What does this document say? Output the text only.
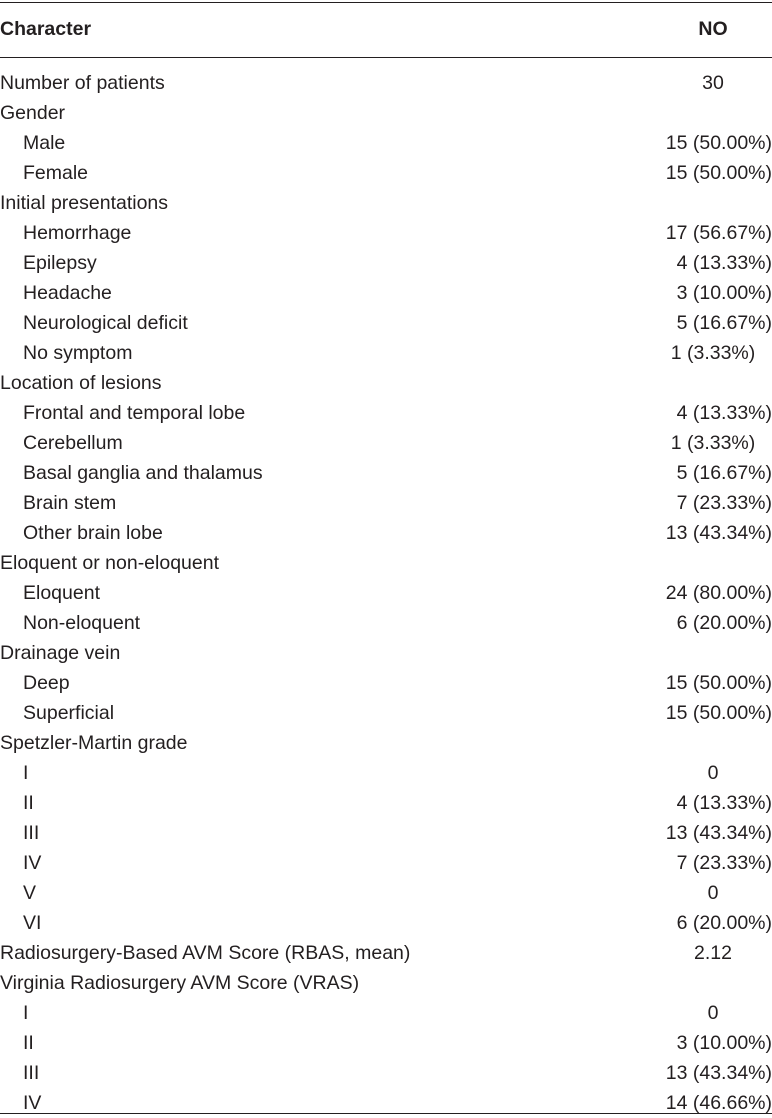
Character	NO
Number of patients	30
Gender
Male	15 (50.00%)
Female	15 (50.00%)
Initial presentations
Hemorrhage	17 (56.67%)
Epilepsy	4 (13.33%)
Headache	3 (10.00%)
Neurological deficit	5 (16.67%)
No symptom	1 (3.33%)
Location of lesions
Frontal and temporal lobe	4 (13.33%)
Cerebellum	1 (3.33%)
Basal ganglia and thalamus	5 (16.67%)
Brain stem	7 (23.33%)
Other brain lobe	13 (43.34%)
Eloquent or non-eloquent
Eloquent	24 (80.00%)
Non-eloquent	6 (20.00%)
Drainage vein
Deep	15 (50.00%)
Superficial	15 (50.00%)
Spetzler-Martin grade
I	0
II	4 (13.33%)
III	13 (43.34%)
IV	7 (23.33%)
V	0
VI	6 (20.00%)
Radiosurgery-Based AVM Score (RBAS, mean)	2.12
Virginia Radiosurgery AVM Score (VRAS)
I	0
II	3 (10.00%)
III	13 (43.34%)
IV	14 (46.66%)
